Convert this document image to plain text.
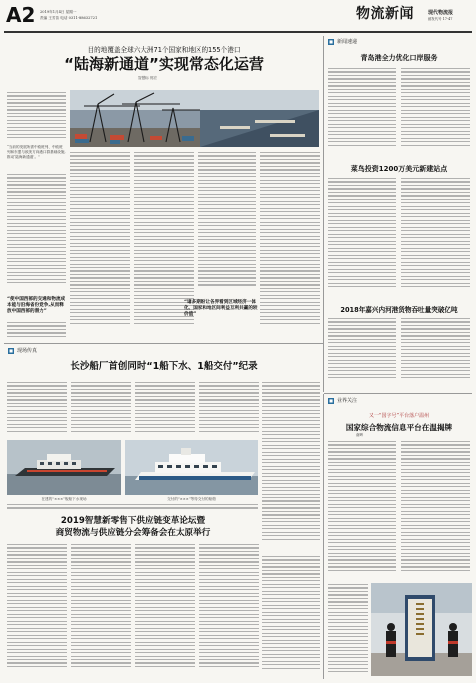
A2 2019年1月4日 星期一
责编 王芳苗 电话 0311-88632721	物流新闻	现代物流报
邮发代号 17-47
目的地覆盖全球六大洲71个国家和地区的155个港口
“陆海新通道”实现常态化运营
智慧标 郭宏
“当前的发展所需中欧班列、中欧班列和东盟与欧美方向港口群基础设施,推动‘陆海新通道’。”
“使中国西部的交通和物流成本能与沿海省份竞争,从而释放中国西部的潜力”
“诸多期盼让各界看到区域经济一体化、国家和地区间利益互利共赢的较价值”
■ 新闻速递
青岛港全力优化口岸服务
菜鸟投资1200万美元新建站点
2018年嘉兴内河港货物吞吐量突破亿吨
■ 现场传真
长沙船厂首创同时“1船下水、1船交付”纪录
在建的“×××”舰船下水现场	交付的“×××”等待交付的船舶
2019智慧新零售下供应链变革论坛暨
商贸物流与供应链分会筹备会在太原举行
■ 业界关注
又一“国字号”平台落户温州
国家综合物流信息平台在温揭牌
谢晖
